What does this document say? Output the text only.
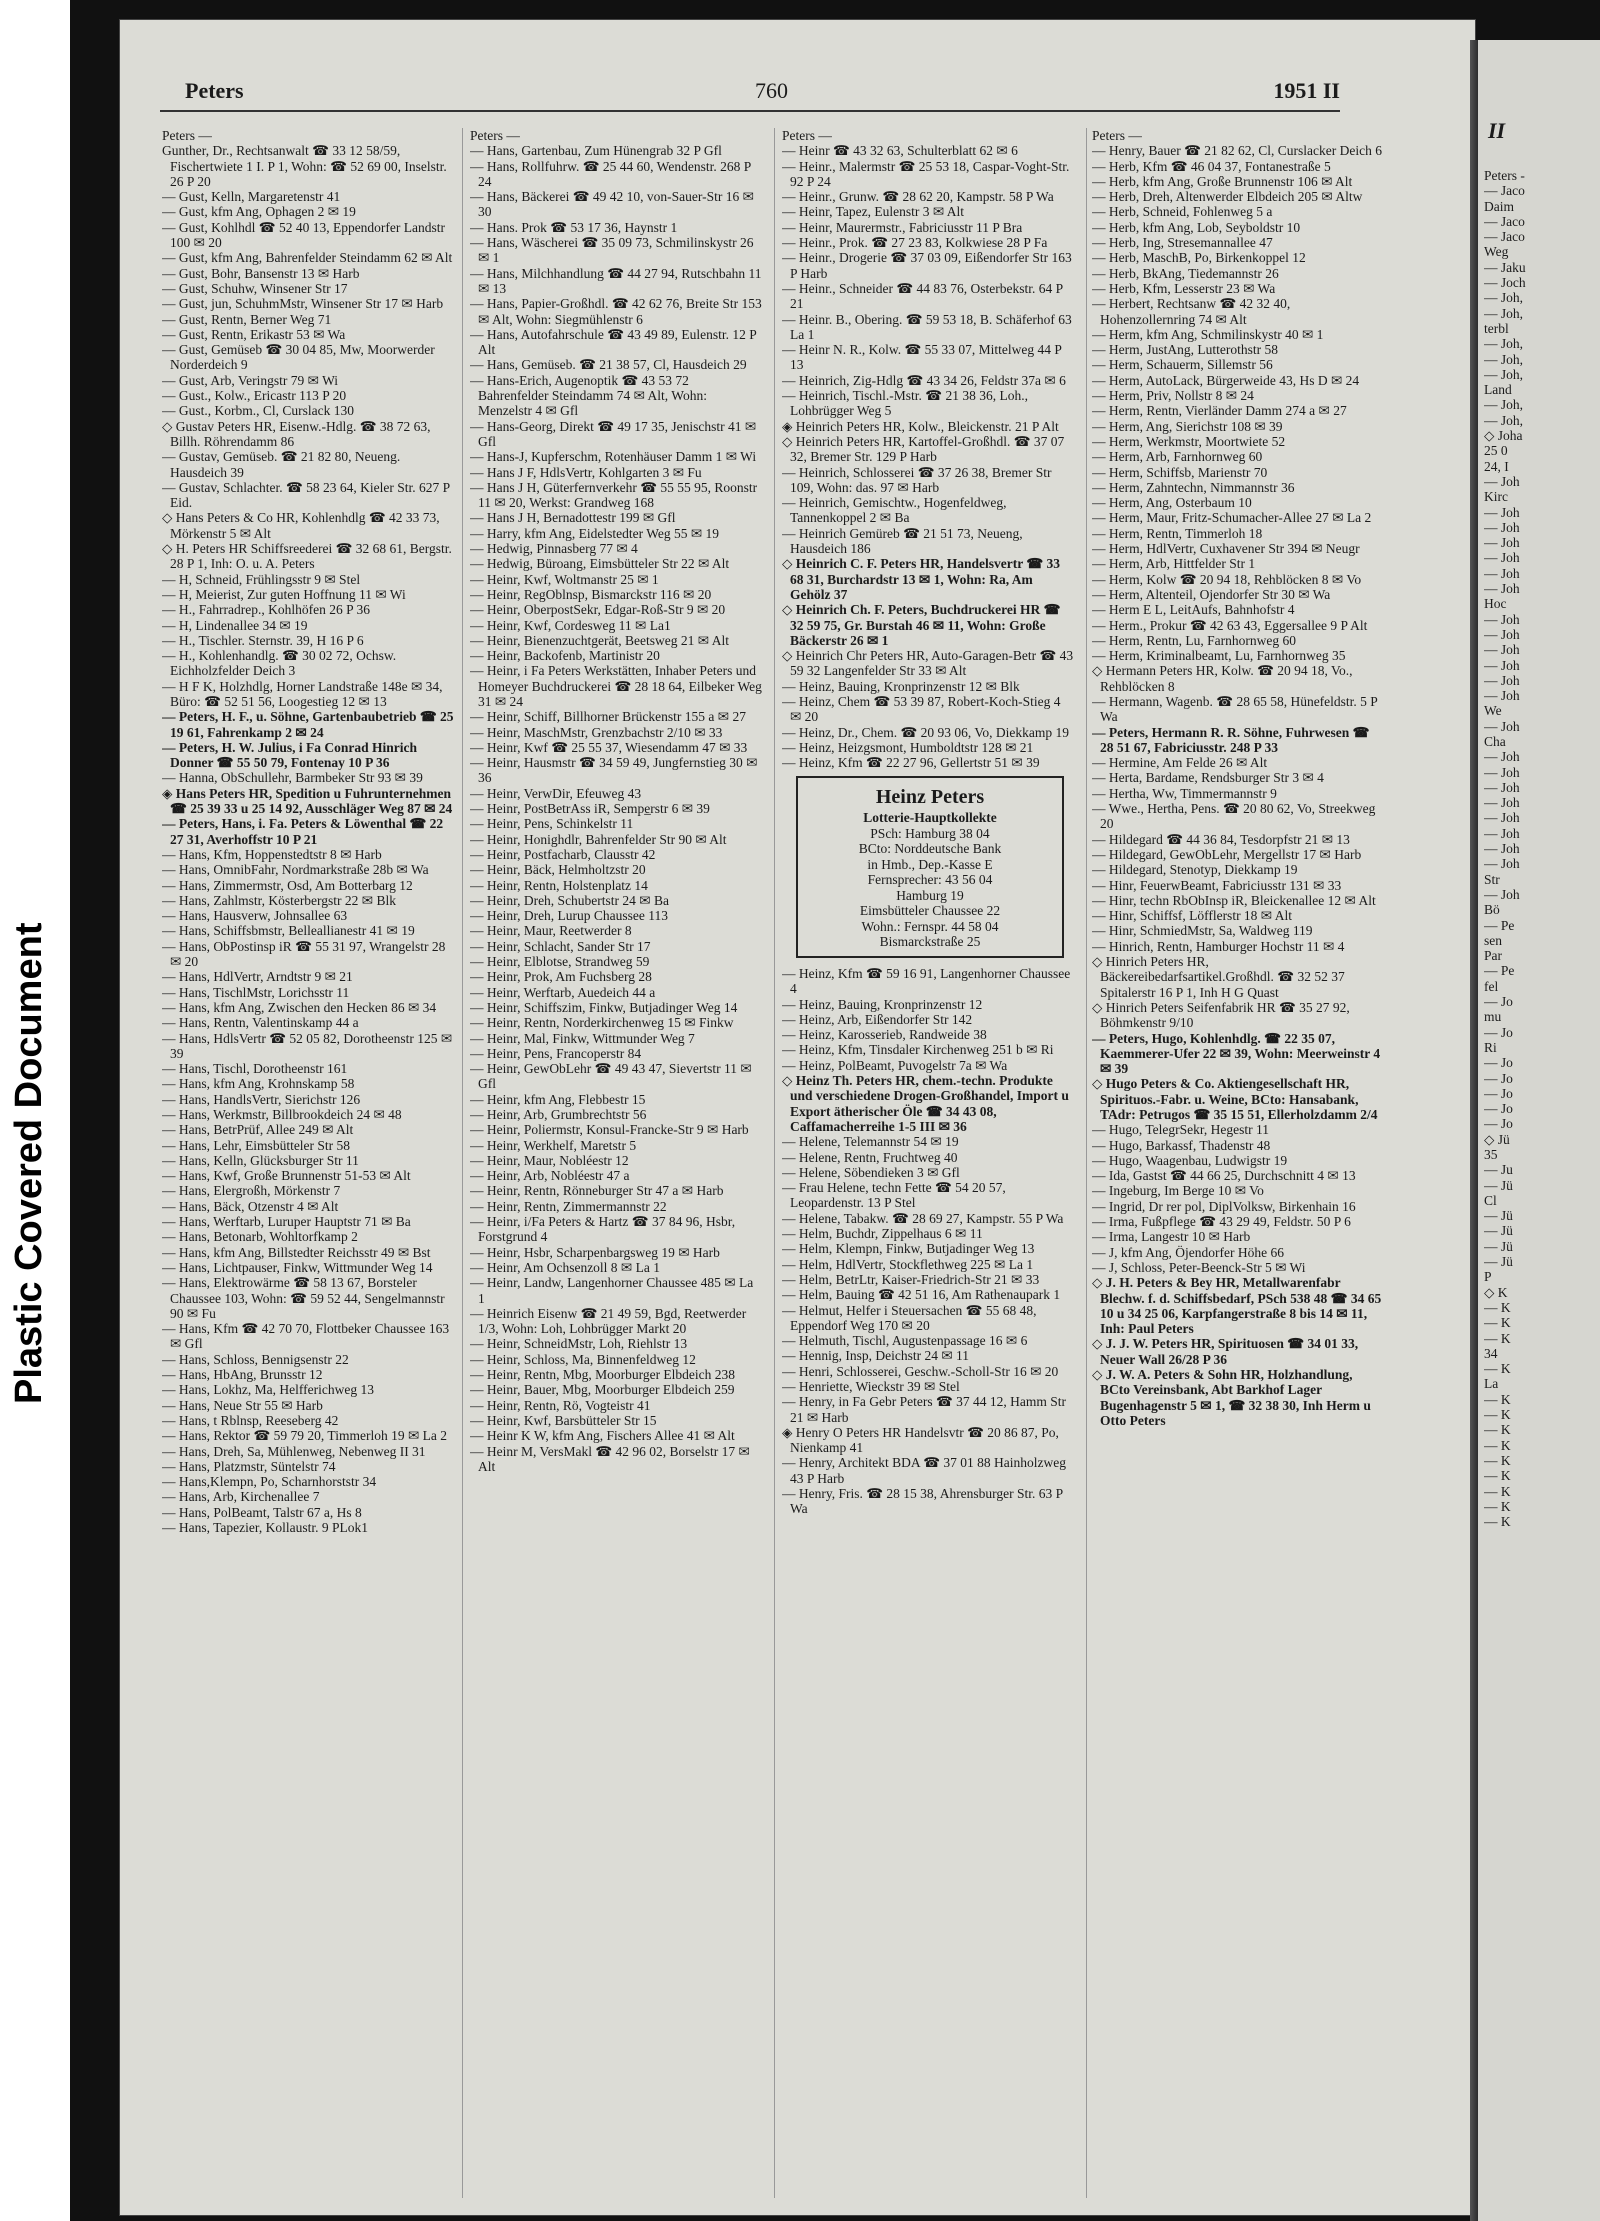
II
Peters -
— Jaco
Daim
— Jaco
— Jaco
Weg
— Jaku
— Joch
— Joh,
— Joh,
terbl
— Joh,
— Joh,
— Joh,
Land
— Joh,
— Joh,
◇ Joha
25 0
24, I
— Joh
Kirc
— Joh
— Joh
— Joh
— Joh
— Joh
— Joh
Hoc
— Joh
— Joh
— Joh
— Joh
— Joh
— Joh
We
— Joh
Cha
— Joh
— Joh
— Joh
— Joh
— Joh
— Joh
— Joh
— Joh
Str
— Joh
Bö
— Pe
sen
Par
— Pe
fel
— Jo
mu
— Jo
Ri
— Jo
— Jo
— Jo
— Jo
— Jo
◇ Jü
35
— Ju
— Jü
Cl
— Jü
— Jü
— Jü
— Jü
P
◇ K
— K
— K
— K
34
— K
La
— K
— K
— K
— K
— K
— K
— K
— K
— K
Peters	760	1951 II
Peters —
Gunther, Dr., Rechtsanwalt ☎ 33 12 58/59, Fischertwiete 1 I. P 1, Wohn: ☎ 52 69 00, Inselstr. 26 P 20
— Gust, Kelln, Margaretenstr 41
— Gust, kfm Ang, Ophagen 2 ✉ 19
— Gust, Kohlhdl ☎ 52 40 13, Eppendorfer Landstr 100 ✉ 20
— Gust, kfm Ang, Bahrenfelder Steindamm 62 ✉ Alt
— Gust, Bohr, Bansenstr 13 ✉ Harb
— Gust, Schuhw, Winsener Str 17
— Gust, jun, SchuhmMstr, Winsener Str 17 ✉ Harb
— Gust, Rentn, Berner Weg 71
— Gust, Rentn, Erikastr 53 ✉ Wa
— Gust, Gemüseb ☎ 30 04 85, Mw, Moorwerder Norderdeich 9
— Gust, Arb, Veringstr 79 ✉ Wi
— Gust., Kolw., Ericastr 113 P 20
— Gust., Korbm., Cl, Curslack 130
◇ Gustav Peters HR, Eisenw.-Hdlg. ☎ 38 72 63, Billh. Röhrendamm 86
— Gustav, Gemüseb. ☎ 21 82 80, Neueng. Hausdeich 39
— Gustav, Schlachter. ☎ 58 23 64, Kieler Str. 627 P Eid.
◇ Hans Peters & Co HR, Kohlenhdlg ☎ 42 33 73, Mörkenstr 5 ✉ Alt
◇ H. Peters HR Schiffsreederei ☎ 32 68 61, Bergstr. 28 P 1, Inh: O. u. A. Peters
— H, Schneid, Frühlingsstr 9 ✉ Stel
— H, Meierist, Zur guten Hoffnung 11 ✉ Wi
— H., Fahrradrep., Kohlhöfen 26 P 36
— H, Lindenallee 34 ✉ 19
— H., Tischler. Sternstr. 39, H 16 P 6
— H., Kohlenhandlg. ☎ 30 02 72, Ochsw. Eichholzfelder Deich 3
— H F K, Holzhdlg, Horner Landstraße 148e ✉ 34, Büro: ☎ 52 51 56, Loogestieg 12 ✉ 13
— Peters, H. F., u. Söhne, Gartenbaubetrieb ☎ 25 19 61, Fahrenkamp 2 ✉ 24
— Peters, H. W. Julius, i Fa Conrad Hinrich Donner ☎ 55 50 79, Fontenay 10 P 36
— Hanna, ObSchullehr, Barmbeker Str 93 ✉ 39
◈ Hans Peters HR, Spedition u Fuhrunternehmen ☎ 25 39 33 u 25 14 92, Ausschläger Weg 87 ✉ 24
— Peters, Hans, i. Fa. Peters & Löwenthal ☎ 22 27 31, Averhoffstr 10 P 21
— Hans, Kfm, Hoppenstedtstr 8 ✉ Harb
— Hans, OmnibFahr, Nordmarkstraße 28b ✉ Wa
— Hans, Zimmermstr, Osd, Am Botterbarg 12
— Hans, Zahlmstr, Kösterbergstr 22 ✉ Blk
— Hans, Hausverw, Johnsallee 63
— Hans, Schiffsbmstr, Belleallianestr 41 ✉ 19
— Hans, ObPostinsp iR ☎ 55 31 97, Wrangelstr 28 ✉ 20
— Hans, HdlVertr, Arndtstr 9 ✉ 21
— Hans, TischlMstr, Lorichsstr 11
— Hans, kfm Ang, Zwischen den Hecken 86 ✉ 34
— Hans, Rentn, Valentinskamp 44 a
— Hans, HdlsVertr ☎ 52 05 82, Dorotheenstr 125 ✉ 39
— Hans, Tischl, Dorotheenstr 161
— Hans, kfm Ang, Krohnskamp 58
— Hans, HandlsVertr, Sierichstr 126
— Hans, Werkmstr, Billbrookdeich 24 ✉ 48
— Hans, BetrPrüf, Allee 249 ✉ Alt
— Hans, Lehr, Eimsbütteler Str 58
— Hans, Kelln, Glücksburger Str 11
— Hans, Kwf, Große Brunnenstr 51-53 ✉ Alt
— Hans, Elergroßh, Mörkenstr 7
— Hans, Bäck, Otzenstr 4 ✉ Alt
— Hans, Werftarb, Luruper Hauptstr 71 ✉ Ba
— Hans, Betonarb, Wohltorfkamp 2
— Hans, kfm Ang, Billstedter Reichsstr 49 ✉ Bst
— Hans, Lichtpauser, Finkw, Wittmunder Weg 14
— Hans, Elektrowärme ☎ 58 13 67, Borsteler Chaussee 103, Wohn: ☎ 59 52 44, Sengelmannstr 90 ✉ Fu
— Hans, Kfm ☎ 42 70 70, Flottbeker Chaussee 163 ✉ Gfl
— Hans, Schloss, Bennigsenstr 22
— Hans, HbAng, Brunsstr 12
— Hans, Lokhz, Ma, Helfferichweg 13
— Hans, Neue Str 55 ✉ Harb
— Hans, t Rblnsp, Reeseberg 42
— Hans, Rektor ☎ 59 79 20, Timmerloh 19 ✉ La 2
— Hans, Dreh, Sa, Mühlenweg, Nebenweg II 31
— Hans, Platzmstr, Süntelstr 74
— Hans,Klempn, Po, Scharnhorststr 34
— Hans, Arb, Kirchenallee 7
— Hans, PolBeamt, Talstr 67 a, Hs 8
— Hans, Tapezier, Kollaustr. 9 PLok1
Peters —
— Hans, Gartenbau, Zum Hünengrab 32 P Gfl
— Hans, Rollfuhrw. ☎ 25 44 60, Wendenstr. 268 P 24
— Hans, Bäckerei ☎ 49 42 10, von-Sauer-Str 16 ✉ 30
— Hans. Prok ☎ 53 17 36, Haynstr 1
— Hans, Wäscherei ☎ 35 09 73, Schmilinskystr 26 ✉ 1
— Hans, Milchhandlung ☎ 44 27 94, Rutschbahn 11 ✉ 13
— Hans, Papier-Großhdl. ☎ 42 62 76, Breite Str 153 ✉ Alt, Wohn: Siegmühlenstr 6
— Hans, Autofahrschule ☎ 43 49 89, Eulenstr. 12 P Alt
— Hans, Gemüseb. ☎ 21 38 57, Cl, Hausdeich 29
— Hans-Erich, Augenoptik ☎ 43 53 72 Bahrenfelder Steindamm 74 ✉ Alt, Wohn: Menzelstr 4 ✉ Gfl
— Hans-Georg, Direkt ☎ 49 17 35, Jenischstr 41 ✉ Gfl
— Hans-J, Kupferschm, Rotenhäuser Damm 1 ✉ Wi
— Hans J F, HdlsVertr, Kohlgarten 3 ✉ Fu
— Hans J H, Güterfernverkehr ☎ 55 55 95, Roonstr 11 ✉ 20, Werkst: Grandweg 168
— Hans J H, Bernadottestr 199 ✉ Gfl
— Harry, kfm Ang, Eidelstedter Weg 55 ✉ 19
— Hedwig, Pinnasberg 77 ✉ 4
— Hedwig, Büroang, Eimsbütteler Str 22 ✉ Alt
— Heinr, Kwf, Woltmanstr 25 ✉ 1
— Heinr, RegOblnsp, Bismarckstr 116 ✉ 20
— Heinr, OberpostSekr, Edgar-Roß-Str 9 ✉ 20
— Heinr, Kwf, Cordesweg 11 ✉ La1
— Heinr, Bienenzuchtgerät, Beetsweg 21 ✉ Alt
— Heinr, Backofenb, Martinistr 20
— Heinr, i Fa Peters Werkstätten, Inhaber Peters und Homeyer Buchdruckerei ☎ 28 18 64, Eilbeker Weg 31 ✉ 24
— Heinr, Schiff, Billhorner Brückenstr 155 a ✉ 27
— Heinr, MaschMstr, Grenzbachstr 2/10 ✉ 33
— Heinr, Kwf ☎ 25 55 37, Wiesendamm 47 ✉ 33
— Heinr, Hausmstr ☎ 34 59 49, Jungfernstieg 30 ✉ 36
— Heinr, VerwDir, Efeuweg 43
— Heinr, PostBetrAss iR, Sempe̲rstr 6 ✉ 39
— Heinr, Pens, Schinkelstr 11
— Heinr, Honighdlr, Bahrenfelder Str 90 ✉ Alt
— Heinr, Postfacharb, Clausstr 42
— Heinr, Bäck, Helmholtzstr 20
— Heinr, Rentn, Holstenplatz 14
— Heinr, Dreh, Schubertstr 24 ✉ Ba
— Heinr, Dreh, Lurup Chaussee 113
— Heinr, Maur, Reetwerder 8
— Heinr, Schlacht, Sander Str 17
— Heinr, Elblotse, Strandweg 59
— Heinr, Prok, Am Fuchsberg 28
— Heinr, Werftarb, Auedeich 44 a
— Heinr, Schiffszim, Finkw, Butjadinger Weg 14
— Heinr, Rentn, Norderkirchenweg 15 ✉ Finkw
— Heinr, Mal, Finkw, Wittmunder Weg 7
— Heinr, Pens, Francoperstr 84
— Heinr, GewObLehr ☎ 49 43 47, Sievertstr 11 ✉ Gfl
— Heinr, kfm Ang, Flebbestr 15
— Heinr, Arb, Grumbrechtstr 56
— Heinr, Poliermstr, Konsul-Francke-Str 9 ✉ Harb
— Heinr, Werkhelf, Maretstr 5
— Heinr, Maur, Nobléestr 12
— Heinr, Arb, Nobléestr 47 a
— Heinr, Rentn, Rönneburger Str 47 a ✉ Harb
— Heinr, Rentn, Zimmermannstr 22
— Heinr, i/Fa Peters & Hartz ☎ 37 84 96, Hsbr, Forstgrund 4
— Heinr, Hsbr, Scharpenbargsweg 19 ✉ Harb
— Heinr, Am Ochsenzoll 8 ✉ La 1
— Heinr, Landw, Langenhorner Chaussee 485 ✉ La 1
— Heinrich Eisenw ☎ 21 49 59, Bgd, Reetwerder 1/3, Wohn: Loh, Lohbrügger Markt 20
— Heinr, SchneidMstr, Loh, Riehlstr 13
— Heinr, Schloss, Ma, Binnenfeldweg 12
— Heinr, Rentn, Mbg, Moorburger Elbdeich 238
— Heinr, Bauer, Mbg, Moorburger Elbdeich 259
— Heinr, Rentn, Rö, Vogteistr 41
— Heinr, Kwf, Barsbütteler Str 15
— Heinr K W, kfm Ang, Fischers Allee 41 ✉ Alt
— Heinr M, VersMakl ☎ 42 96 02, Borselstr 17 ✉ Alt
Peters —
— Heinr ☎ 43 32 63, Schulterblatt 62 ✉ 6
— Heinr., Malermstr ☎ 25 53 18, Caspar-Voght-Str. 92 P 24
— Heinr., Grunw. ☎ 28 62 20, Kampstr. 58 P Wa
— Heinr, Tapez, Eulenstr 3 ✉ Alt
— Heinr, Maurermstr., Fabriciusstr 11 P Bra
— Heinr., Prok. ☎ 27 23 83, Kolkwiese 28 P Fa
— Heinr., Drogerie ☎ 37 03 09, Eißendorfer Str 163 P Harb
— Heinr., Schneider ☎ 44 83 76, Osterbekstr. 64 P 21
— Heinr. B., Obering. ☎ 59 53 18, B. Schäferhof 63 La 1
— Heinr N. R., Kolw. ☎ 55 33 07, Mittelweg 44 P 13
— Heinrich, Zig-Hdlg ☎ 43 34 26, Feldstr 37a ✉ 6
— Heinrich, Tischl.-Mstr. ☎ 21 38 36, Loh., Lohbrügger Weg 5
◈ Heinrich Peters HR, Kolw., Bleickenstr. 21 P Alt
◇ Heinrich Peters HR, Kartoffel-Großhdl. ☎ 37 07 32, Bremer Str. 129 P Harb
— Heinrich, Schlosserei ☎ 37 26 38, Bremer Str 109, Wohn: das. 97 ✉ Harb
— Heinrich, Gemischtw., Hogenfeldweg, Tannenkoppel 2 ✉ Ba
— Heinrich Gemüreb ☎ 21 51 73, Neueng, Hausdeich 186
◇ Heinrich C. F. Peters HR, Handelsvertr ☎ 33 68 31, Burchardstr 13 ✉ 1, Wohn: Ra, Am Gehölz 37
◇ Heinrich Ch. F. Peters, Buchdruckerei HR ☎ 32 59 75, Gr. Burstah 46 ✉ 11, Wohn: Große Bäckerstr 26 ✉ 1
◇ Heinrich Chr Peters HR, Auto-Garagen-Betr ☎ 43 59 32 Langenfelder Str 33 ✉ Alt
— Heinz, Bauing, Kronprinzenstr 12 ✉ Blk
— Heinz, Chem ☎ 53 39 87, Robert-Koch-Stieg 4 ✉ 20
— Heinz, Dr., Chem. ☎ 20 93 06, Vo, Diekkamp 19
— Heinz, Heizgsmont, Humboldtstr 128 ✉ 21
— Heinz, Kfm ☎ 22 27 96, Gellertstr 51 ✉ 39
Heinz Peters
Lotterie-Hauptkollekte
PSch: Hamburg 38 04
BCto: Norddeutsche Bank
in Hmb., Dep.-Kasse E
Fernsprecher: 43 56 04
Hamburg 19
Eimsbütteler Chaussee 22
Wohn.: Fernspr. 44 58 04
Bismarckstraße 25
— Heinz, Kfm ☎ 59 16 91, Langenhorner Chaussee 4
— Heinz, Bauing, Kronprinzenstr 12
— Heinz, Arb, Eißendorfer Str 142
— Heinz, Karosserieb, Randweide 38
— Heinz, Kfm, Tinsdaler Kirchenweg 251 b ✉ Ri
— Heinz, PolBeamt, Puvogelstr 7a ✉ Wa
◇ Heinz Th. Peters HR, chem.-techn. Produkte und verschiedene Drogen-Großhandel, Import u Export ätherischer Öle ☎ 34 43 08, Caffamacherreihe 1-5 III ✉ 36
— Helene, Telemannstr 54 ✉ 19
— Helene, Rentn, Fruchtweg 40
— Helene, Söbendieken 3 ✉ Gfl
— Frau Helene, techn Fette ☎ 54 20 57, Leopardenstr. 13 P Stel
— Helene, Tabakw. ☎ 28 69 27, Kampstr. 55 P Wa
— Helm, Buchdr, Zippelhaus 6 ✉ 11
— Helm, Klempn, Finkw, Butjadinger Weg 13
— Helm, HdlVertr, Stockflethweg 225 ✉ La 1
— Helm, BetrLtr, Kaiser-Friedrich-Str 21 ✉ 33
— Helm, Bauing ☎ 42 51 16, Am Rathenaupark 1
— Helmut, Helfer i Steuersachen ☎ 55 68 48, Eppendorf Weg 170 ✉ 20
— Helmuth, Tischl, Augustenpassage 16 ✉ 6
— Hennig, Insp, Deichstr 24 ✉ 11
— Henri, Schlosserei, Geschw.-Scholl-Str 16 ✉ 20
— Henriette, Wieckstr 39 ✉ Stel
— Henry, in Fa Gebr Peters ☎ 37 44 12, Hamm Str 21 ✉ Harb
◈ Henry O Peters HR Handelsvtr ☎ 20 86 87, Po, Nienkamp 41
— Henry, Architekt BDA ☎ 37 01 88 Hainholzweg 43 P Harb
— Henry, Fris. ☎ 28 15 38, Ahrensburger Str. 63 P Wa
Peters —
— Henry, Bauer ☎ 21 82 62, Cl, Curslacker Deich 6
— Herb, Kfm ☎ 46 04 37, Fontanestraße 5
— Herb, kfm Ang, Große Brunnenstr 106 ✉ Alt
— Herb, Dreh, Altenwerder Elbdeich 205 ✉ Altw
— Herb, Schneid, Fohlenweg 5 a
— Herb, kfm Ang, Lob, Seyboldstr 10
— Herb, Ing, Stresemannallee 47
— Herb, MaschB, Po, Birkenkoppel 12
— Herb, BkAng, Tiedemannstr 26
— Herb, Kfm, Lesserstr 23 ✉ Wa
— Herbert, Rechtsanw ☎ 42 32 40, Hohenzollernring 74 ✉ Alt
— Herm, kfm Ang, Schmilinskystr 40 ✉ 1
— Herm, JustAng, Lutterothstr 58
— Herm, Schauerm, Sillemstr 56
— Herm, AutoLack, Bürgerweide 43, Hs D ✉ 24
— Herm, Priv, Nollstr 8 ✉ 24
— Herm, Rentn, Vierländer Damm 274 a ✉ 27
— Herm, Ang, Sierichstr 108 ✉ 39
— Herm, Werkmstr, Moortwiete 52
— Herm, Arb, Farnhornweg 60
— Herm, Schiffsb, Marienstr 70
— Herm, Zahntechn, Nimmannstr 36
— Herm, Ang, Osterbaum 10
— Herm, Maur, Fritz-Schumacher-Allee 27 ✉ La 2
— Herm, Rentn, Timmerloh 18
— Herm, HdlVertr, Cuxhavener Str 394 ✉ Neugr
— Herm, Arb, Hittfelder Str 1
— Herm, Kolw ☎ 20 94 18, Rehblöcken 8 ✉ Vo
— Herm, Altenteil, Ojendorfer Str 30 ✉ Wa
— Herm E L, LeitAufs, Bahnhofstr 4
— Herm., Prokur ☎ 42 63 43, Eggersallee 9 P Alt
— Herm, Rentn, Lu, Farnhornweg 60
— Herm, Kriminalbeamt, Lu, Farnhornweg 35
◇ Hermann Peters HR, Kolw. ☎ 20 94 18, Vo., Rehblöcken 8
— Hermann, Wagenb. ☎ 28 65 58, Hünefeldstr. 5 P Wa
— Peters, Hermann R. R. Söhne, Fuhrwesen ☎ 28 51 67, Fabriciusstr. 248 P 33
— Hermine, Am Felde 26 ✉ Alt
— Herta, Bardame, Rendsburger Str 3 ✉ 4
— Hertha, Ww, Timmermannstr 9
— Wwe., Hertha, Pens. ☎ 20 80 62, Vo, Streekweg 20
— Hildegard ☎ 44 36 84, Tesdorpfstr 21 ✉ 13
— Hildegard, GewObLehr, Mergellstr 17 ✉ Harb
— Hildegard, Stenotyp, Diekkamp 19
— Hinr, FeuerwBeamt, Fabriciusstr 131 ✉ 33
— Hinr, techn RbObInsp iR, Bleickenallee 12 ✉ Alt
— Hinr, Schiffsf, Löfflerstr 18 ✉ Alt
— Hinr, SchmiedMstr, Sa, Waldweg 119
— Hinrich, Rentn, Hamburger Hochstr 11 ✉ 4
◇ Hinrich Peters HR, Bäckereibedarfsartikel.Großhdl. ☎ 32 52 37 Spitalerstr 16 P 1, Inh H G Quast
◇ Hinrich Peters Seifenfabrik HR ☎ 35 27 92, Böhmkenstr 9/10
— Peters, Hugo, Kohlenhdlg. ☎ 22 35 07, Kaemmerer-Ufer 22 ✉ 39, Wohn: Meerweinstr 4 ✉ 39
◇ Hugo Peters & Co. Aktiengesellschaft HR, Spirituos.-Fabr. u. Weine, BCto: Hansabank, TAdr: Petrugos ☎ 35 15 51, Ellerholzdamm 2/4
— Hugo, TelegrSekr, Hegestr 11
— Hugo, Barkassf, Thadenstr 48
— Hugo, Waagenbau, Ludwigstr 19
— Ida, Gastst ☎ 44 66 25, Durchschnitt 4 ✉ 13
— Ingeburg, Im Berge 10 ✉ Vo
— Ingrid, Dr rer pol, DiplVolksw, Birkenhain 16
— Irma, Fußpflege ☎ 43 29 49, Feldstr. 50 P 6
— Irma, Langestr 10 ✉ Harb
— J, kfm Ang, Öjendorfer Höhe 66
— J, Schloss, Peter-Beenck-Str 5 ✉ Wi
◇ J. H. Peters & Bey HR, Metallwarenfabr Blechw. f. d. Schiffsbedarf, PSch 538 48 ☎ 34 65 10 u 34 25 06, Karpfangerstraße 8 bis 14 ✉ 11, Inh: Paul Peters
◇ J. J. W. Peters HR, Spirituosen ☎ 34 01 33, Neuer Wall 26/28 P 36
◇ J. W. A. Peters & Sohn HR, Holzhandlung, BCto Vereinsbank, Abt Barkhof Lager Bugenhagenstr 5 ✉ 1, ☎ 32 38 30, Inh Herm u Otto Peters
